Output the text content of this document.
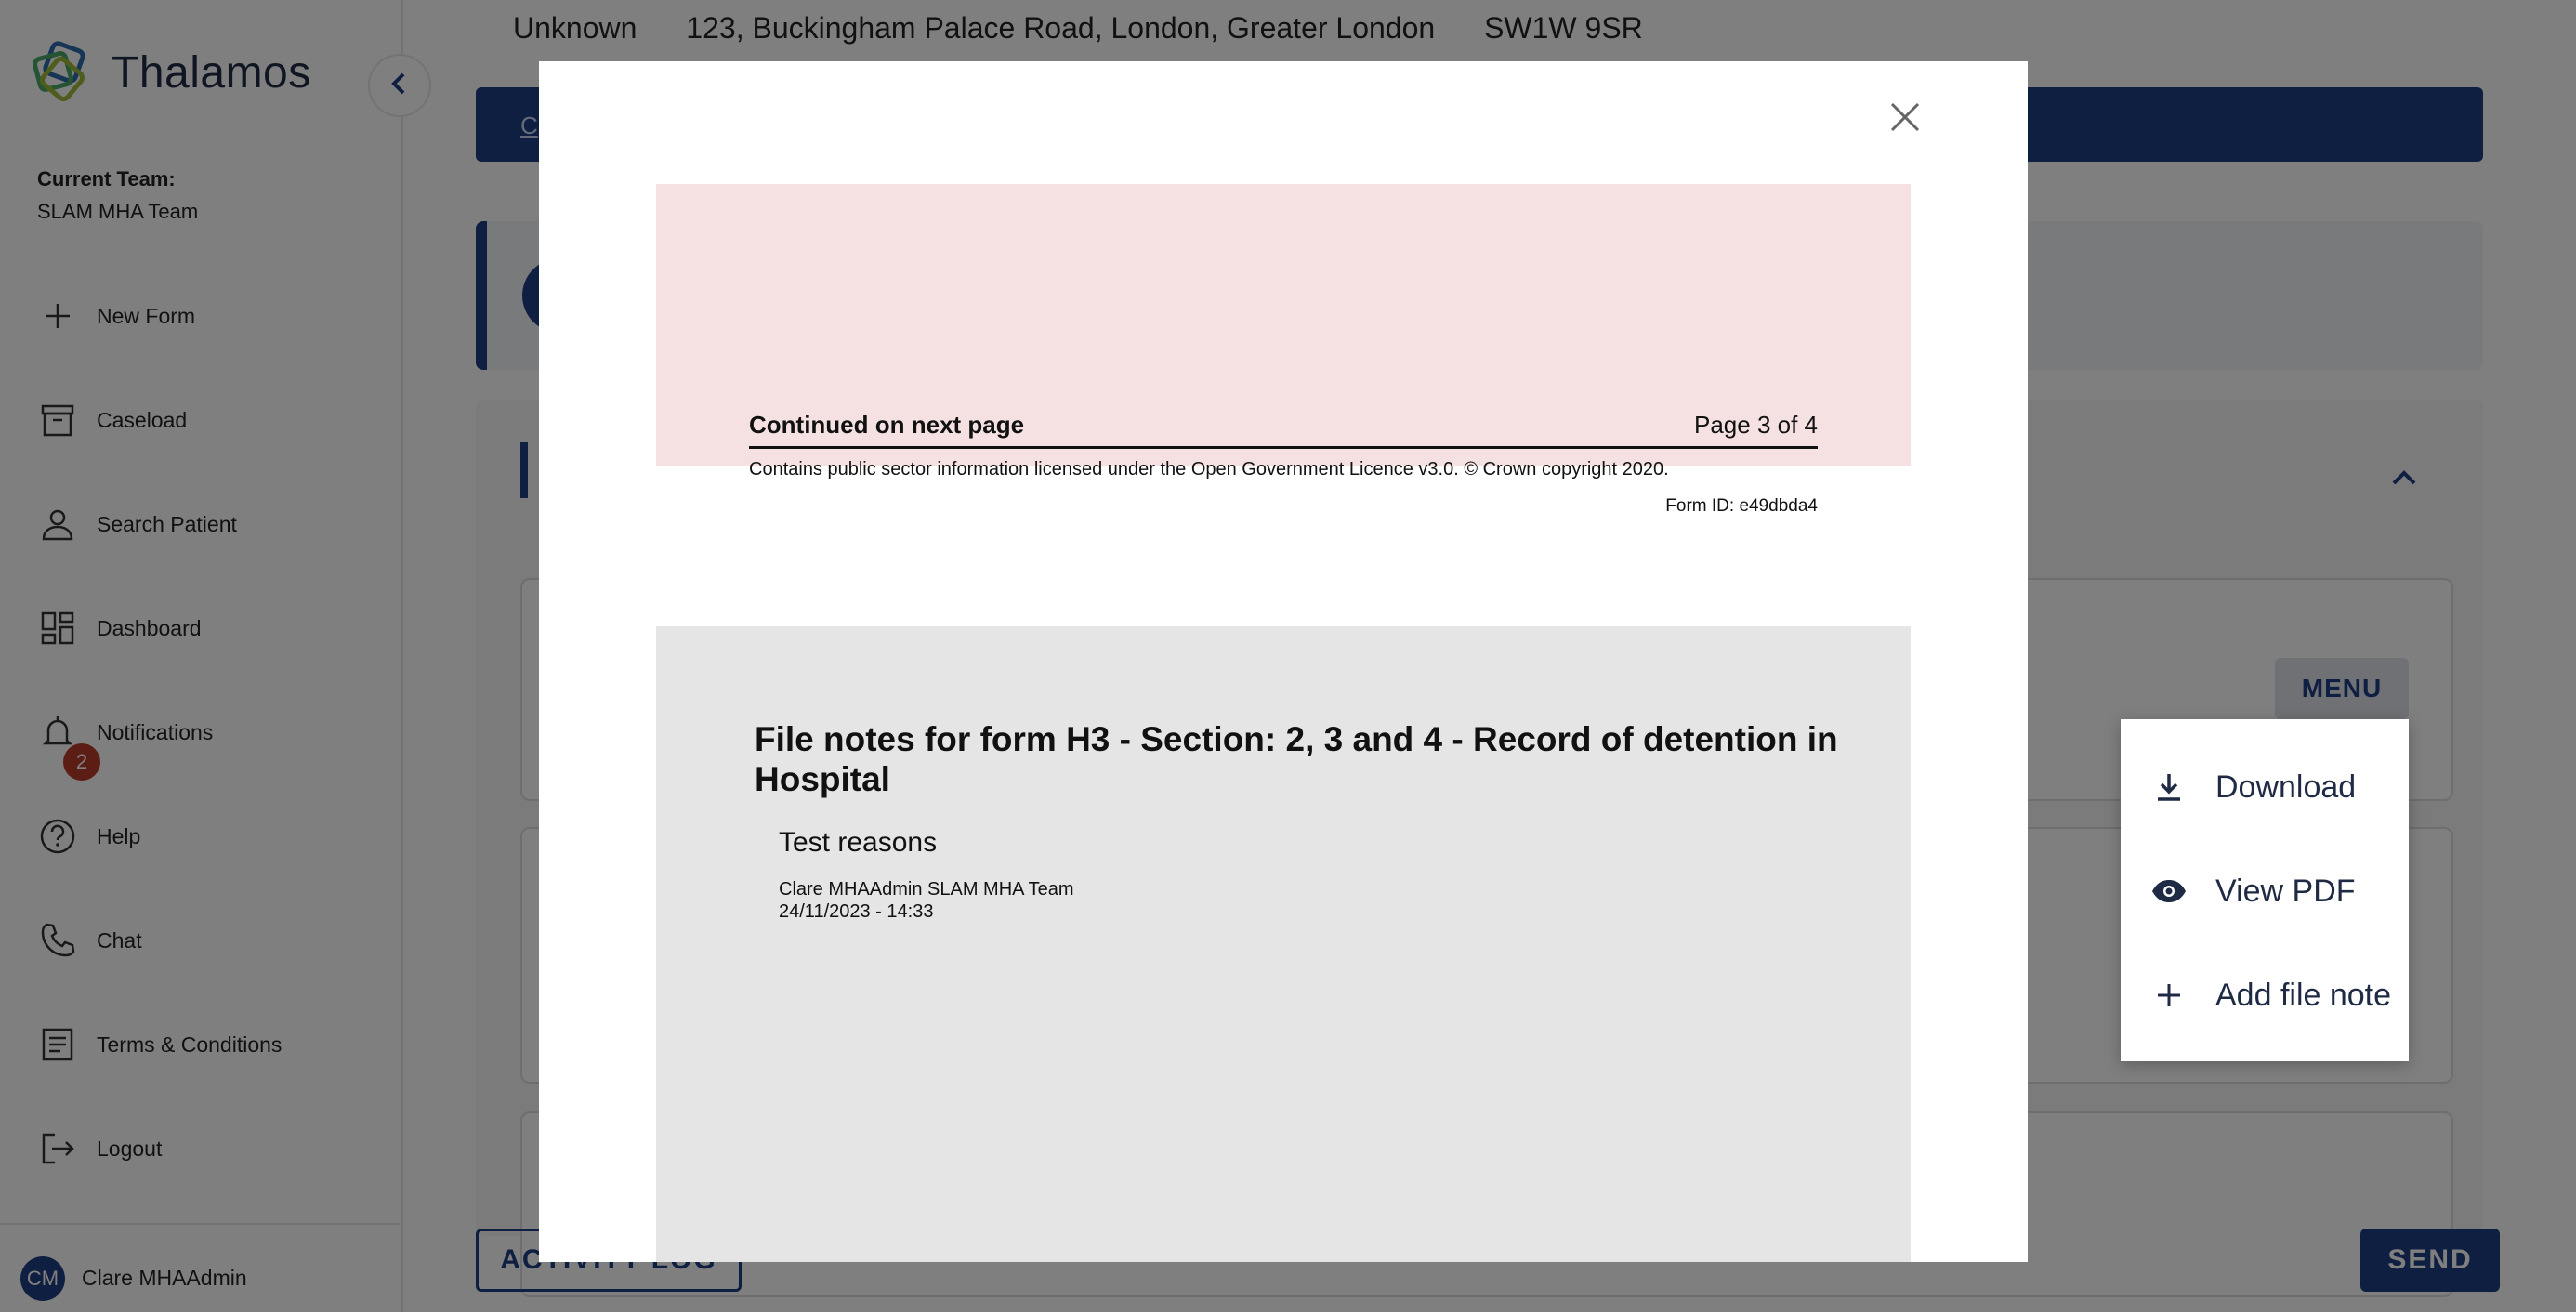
Download
View PDF
Add file note
Continued on next page	Page 3 of 4
Contains public sector information licensed under the Open Government Licence v3.0. © Crown copyright 2020.
Form ID: e49dbda4
File notes for form H3 - Section: 2, 3 and 4 - Record of detention in Hospital
Test reasons
Clare MHAAdmin SLAM MHA Team
24/11/2023 - 14:33
